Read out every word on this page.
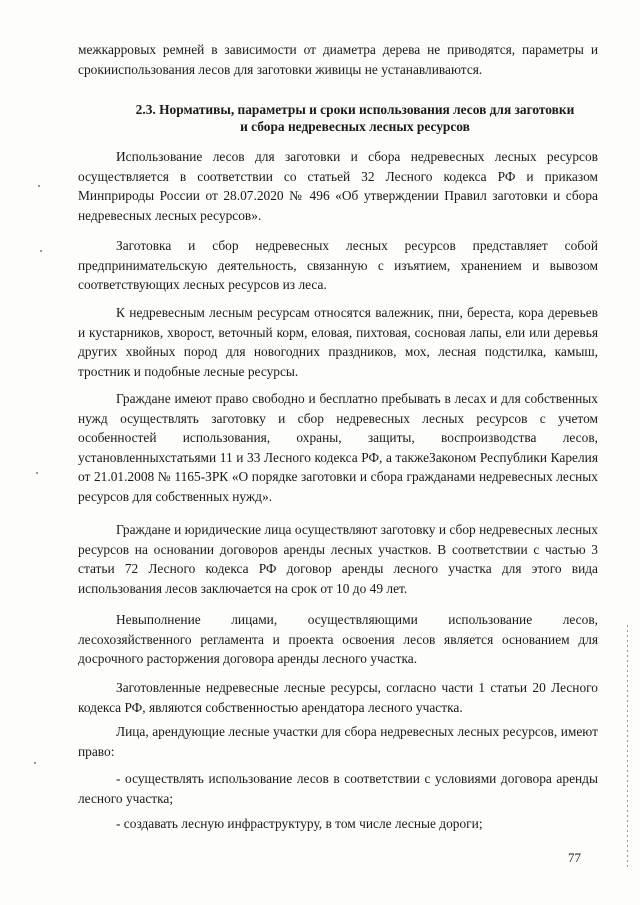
межкарровых ремней в зависимости от диаметра дерева не приводятся, параметры и срокииспользования лесов для заготовки живицы не устанавливаются.

2.3. Нормативы, параметры и сроки использования лесов для заготовки
и сбора недревесных лесных ресурсов

Использование лесов для заготовки и сбора недревесных лесных ресурсов осуществляется в соответствии со статьей 32 Лесного кодекса РФ и приказом Минприроды России от 28.07.2020 № 496 «Об утверждении Правил заготовки и сбора недревесных лесных ресурсов».

Заготовка и сбор недревесных лесных ресурсов представляет собой предпринимательскую деятельность, связанную с изъятием, хранением и вывозом соответствующих лесных ресурсов из леса.

К недревесным лесным ресурсам относятся валежник, пни, береста, кора деревьев и кустарников, хворост, веточный корм, еловая, пихтовая, сосновая лапы, ели или деревья других хвойных пород для новогодних праздников, мох, лесная подстилка, камыш, тростник и подобные лесные ресурсы.

Граждане имеют право свободно и бесплатно пребывать в лесах и для собственных нужд осуществлять заготовку и сбор недревесных лесных ресурсов с учетом особенностей использования, охраны, защиты, воспроизводства лесов, установленныхстатьями 11 и 33 Лесного кодекса РФ, а такжеЗаконом Республики Карелия от 21.01.2008 № 1165-ЗРК «О порядке заготовки и сбора гражданами недревесных лесных ресурсов для собственных нужд».

Граждане и юридические лица осуществляют заготовку и сбор недревесных лесных ресурсов на основании договоров аренды лесных участков. В соответствии с частью 3 статьи 72 Лесного кодекса РФ договор аренды лесного участка для этого вида использования лесов заключается на срок от 10 до 49 лет.

Невыполнение лицами, осуществляющими использование лесов, лесохозяйственного регламента и проекта освоения лесов является основанием для досрочного расторжения договора аренды лесного участка.

Заготовленные недревесные лесные ресурсы, согласно части 1 статьи 20 Лесного кодекса РФ, являются собственностью арендатора лесного участка.

Лица, арендующие лесные участки для сбора недревесных лесных ресурсов, имеют право:

- осуществлять использование лесов в соответствии с условиями договора аренды лесного участка;

- создавать лесную инфраструктуру, в том числе лесные дороги;

77
